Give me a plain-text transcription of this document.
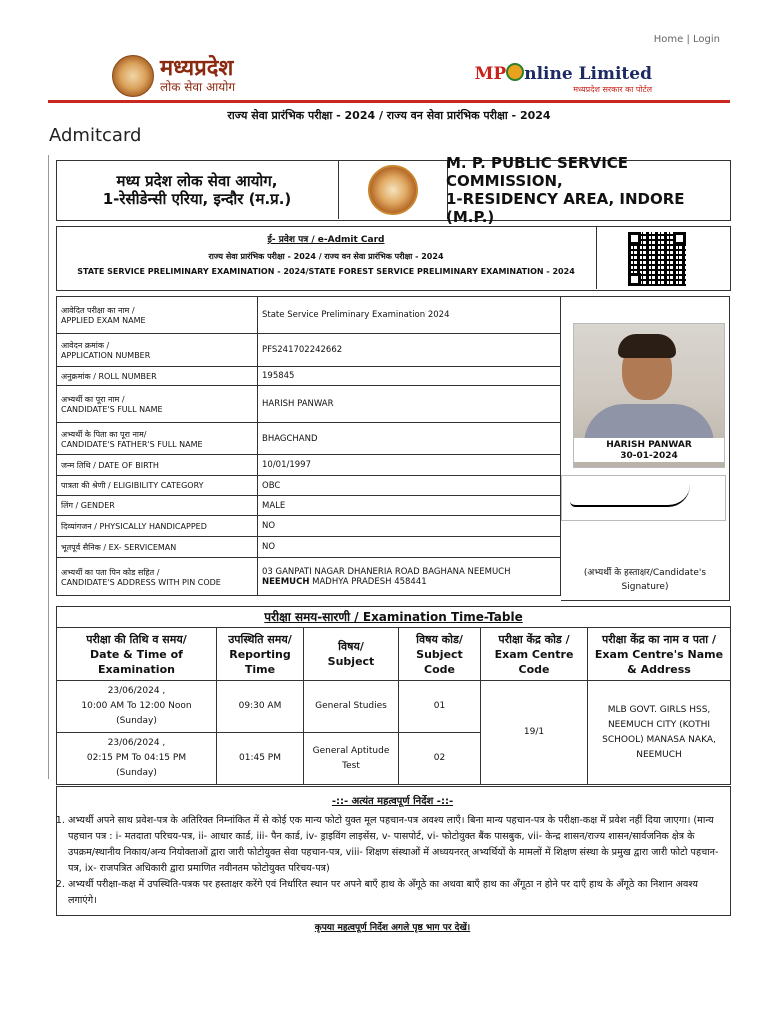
Home | Login
मध्यप्रदेश
लोक सेवा आयोग
MP nline Limited
मध्यप्रदेश सरकार का पोर्टल
राज्य सेवा प्रारंभिक परीक्षा - 2024 / राज्य वन सेवा प्रारंभिक परीक्षा - 2024
Admitcard
मध्य प्रदेश लोक सेवा आयोग,
1-रेसीडेन्सी एरिया, इन्दौर (म.प्र.)
M. P. PUBLIC SERVICE COMMISSION,
1-RESIDENCY AREA, INDORE (M.P.)
ई- प्रवेश पत्र / e-Admit Card
राज्य सेवा प्रारंभिक परीक्षा - 2024 / राज्य वन सेवा प्रारंभिक परीक्षा - 2024
STATE SERVICE PRELIMINARY EXAMINATION - 2024/STATE FOREST SERVICE PRELIMINARY EXAMINATION - 2024
आवेदित परीक्षा का नाम /
APPLIED EXAM NAME	State Service Preliminary Examination 2024
आवेदन क्रमांक /
APPLICATION NUMBER	PFS241702242662
अनुक्रमांक / ROLL NUMBER	195845
अभ्यर्थी का पूरा नाम /
CANDIDATE'S FULL NAME	HARISH PANWAR
अभ्यर्थी के पिता का पूरा नाम/
CANDIDATE'S FATHER'S FULL NAME	BHAGCHAND
जन्म तिथि / DATE OF BIRTH	10/01/1997
पात्रता की श्रेणी / ELIGIBILITY CATEGORY	OBC
लिंग / GENDER	MALE
दिव्यांगजन / PHYSICALLY HANDICAPPED	NO
भूतपूर्व सैनिक / EX- SERVICEMAN	NO
अभ्यर्थी का पता पिन कोड सहित /
CANDIDATE'S ADDRESS WITH PIN CODE	03 GANPATI NAGAR DHANERIA ROAD BAGHANA NEEMUCH
NEEMUCH MADHYA PRADESH 458441
HARISH PANWAR
30-01-2024
(अभ्यर्थी के हस्ताक्षर/Candidate's Signature)
परीक्षा समय-सारणी / Examination Time-Table
परीक्षा की तिथि व समय/
Date & Time of Examination	उपस्थिति समय/
Reporting Time	विषय/
Subject	विषय कोड/
Subject Code	परीक्षा केंद्र कोड /
Exam Centre Code	परीक्षा केंद्र का नाम व पता /
Exam Centre's Name & Address
23/06/2024 ,
10:00 AM To 12:00 Noon
(Sunday)	09:30 AM	General Studies	01	19/1	MLB GOVT. GIRLS HSS, NEEMUCH CITY (KOTHI SCHOOL) MANASA NAKA, NEEMUCH
23/06/2024 ,
02:15 PM To 04:15 PM
(Sunday)	01:45 PM	General Aptitude Test	02		
-::- अत्यंत महत्वपूर्ण निर्देश -::-
1. अभ्यर्थी अपने साथ प्रवेश-पत्र के अतिरिक्त निम्नांकित में से कोई एक मान्य फोटो युक्त मूल पहचान-पत्र अवश्य लाएँ। बिना मान्य पहचान-पत्र के परीक्षा-कक्ष में प्रवेश नहीं दिया जाएगा। (मान्य पहचान पत्र : i- मतदाता परिचय-पत्र, ii- आधार कार्ड, iii- पैन कार्ड, iv- ड्राइविंग लाइसेंस, v- पासपोर्ट, vi- फोटोयुक्त बैंक पासबुक, vii- केन्द्र शासन/राज्य शासन/सार्वजनिक क्षेत्र के उपक्रम/स्थानीय निकाय/अन्य नियोक्ताओं द्वारा जारी फोटोयुक्त सेवा पहचान-पत्र, viii- शिक्षण संस्थाओं में अध्ययनरत् अभ्यर्थियों के मामलों में शिक्षण संस्था के प्रमुख द्वारा जारी फोटो पहचान-पत्र, ix- राजपत्रित अधिकारी द्वारा प्रमाणित नवीनतम फोटोयुक्त परिचय-पत्र)
2. अभ्यर्थी परीक्षा-कक्ष में उपस्थिति-पत्रक पर हस्ताक्षर करेंगे एवं निर्धारित स्थान पर अपने बाएँ हाथ के अँगूठे का अथवा बाएँ हाथ का अँगूठा न होने पर दाएँ हाथ के अँगूठे का निशान अवश्य लगाएंगे।
कृपया महत्वपूर्ण निर्देश अगले पृष्ठ भाग पर देखें।
